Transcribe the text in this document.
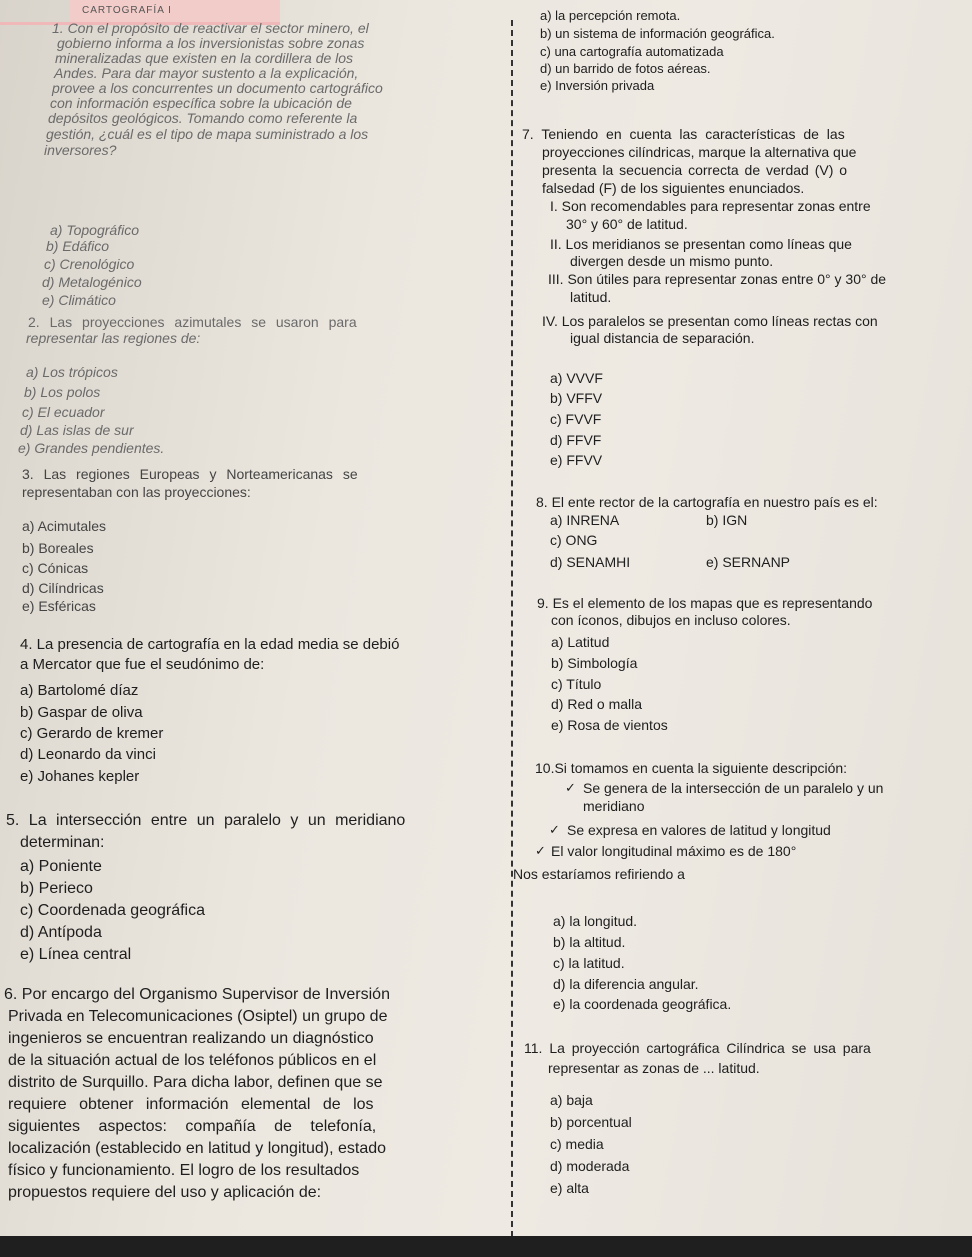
CARTOGRAFÍA I
1. Con el propósito de reactivar el sector minero, el
gobierno informa a los inversionistas sobre zonas
mineralizadas que existen en la cordillera de los
Andes. Para dar mayor sustento a la explicación,
provee a los concurrentes un documento cartográfico
con información específica sobre la ubicación de
depósitos geológicos. Tomando como referente la
gestión, ¿cuál es el tipo de mapa suministrado a los
inversores?
a) Topográfico
b) Edáfico
c) Crenológico
d) Metalogénico
e) Climático
2. Las proyecciones azimutales se usaron para
representar las regiones de:
a) Los trópicos
b) Los polos
c) El ecuador
d) Las islas de sur
e) Grandes pendientes.
3. Las regiones Europeas y Norteamericanas se
representaban con las proyecciones:
a) Acimutales
b) Boreales
c) Cónicas
d) Cilíndricas
e) Esféricas
4. La presencia de cartografía en la edad media se debió
a Mercator que fue el seudónimo de:
a) Bartolomé díaz
b) Gaspar de oliva
c) Gerardo de kremer
d) Leonardo da vinci
e) Johanes kepler
5. La intersección entre un paralelo y un meridiano
determinan:
a) Poniente
b) Perieco
c) Coordenada geográfica
d) Antípoda
e) Línea central
6. Por encargo del Organismo Supervisor de Inversión
Privada en Telecomunicaciones (Osiptel) un grupo de
ingenieros se encuentran realizando un diagnóstico
de la situación actual de los teléfonos públicos en el
distrito de Surquillo. Para dicha labor, definen que se
requiere obtener información elemental de los
siguientes aspectos: compañía de telefonía,
localización (establecido en latitud y longitud), estado
físico y funcionamiento. El logro de los resultados
propuestos requiere del uso y aplicación de:
a) la percepción remota.
b) un sistema de información geográfica.
c) una cartografía automatizada
d) un barrido de fotos aéreas.
e) Inversión privada
7. Teniendo en cuenta las características de las
proyecciones cilíndricas, marque la alternativa que
presenta la secuencia correcta de verdad (V) o
falsedad (F) de los siguientes enunciados.
I. Son recomendables para representar zonas entre
30° y 60° de latitud.
II. Los meridianos se presentan como líneas que
divergen desde un mismo punto.
III. Son útiles para representar zonas entre 0° y 30° de
latitud.
IV. Los paralelos se presentan como líneas rectas con
igual distancia de separación.
a) VVVF
b) VFFV
c) FVVF
d) FFVF
e) FFVV
8. El ente rector de la cartografía en nuestro país es el:
a) INRENA	b) IGN
c) ONG
d) SENAMHI	e) SERNANP
9. Es el elemento de los mapas que es representando
con íconos, dibujos en incluso colores.
a) Latitud
b) Simbología
c) Título
d) Red o malla
e) Rosa de vientos
10.Si tomamos en cuenta la siguiente descripción:
✓ Se genera de la intersección de un paralelo y un
meridiano
✓ Se expresa en valores de latitud y longitud
✓ El valor longitudinal máximo es de 180°
Nos estaríamos refiriendo a
a) la longitud.
b) la altitud.
c) la latitud.
d) la diferencia angular.
e) la coordenada geográfica.
11. La proyección cartográfica Cilíndrica se usa para
representar as zonas de ... latitud.
a) baja
b) porcentual
c) media
d) moderada
e) alta
